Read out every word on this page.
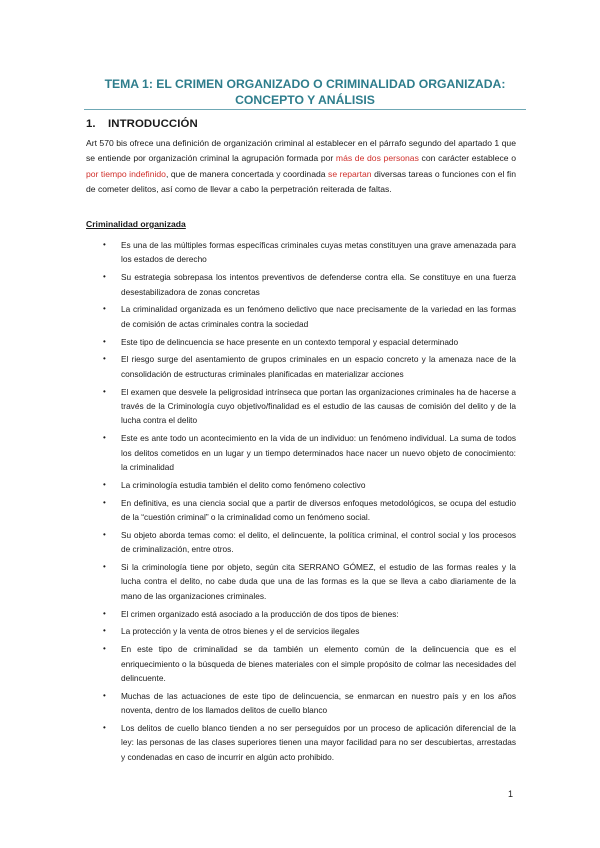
TEMA 1: EL CRIMEN ORGANIZADO O CRIMINALIDAD ORGANIZADA:
CONCEPTO Y ANÁLISIS
1. INTRODUCCIÓN
Art 570 bis ofrece una definición de organización criminal al establecer en el párrafo segundo del apartado 1 que se entiende por organización criminal la agrupación formada por más de dos personas con carácter establece o por tiempo indefinido, que de manera concertada y coordinada se repartan diversas tareas o funciones con el fin de cometer delitos, así como de llevar a cabo la perpetración reiterada de faltas.
Criminalidad organizada
• Es una de las múltiples formas específicas criminales cuyas metas constituyen una grave amenazada para los estados de derecho
• Su estrategia sobrepasa los intentos preventivos de defenderse contra ella. Se constituye en una fuerza desestabilizadora de zonas concretas
• La criminalidad organizada es un fenómeno delictivo que nace precisamente de la variedad en las formas de comisión de actas criminales contra la sociedad
• Este tipo de delincuencia se hace presente en un contexto temporal y espacial determinado
• El riesgo surge del asentamiento de grupos criminales en un espacio concreto y la amenaza nace de la consolidación de estructuras criminales planificadas en materializar acciones
• El examen que desvele la peligrosidad intrínseca que portan las organizaciones criminales ha de hacerse a través de la Criminología cuyo objetivo/finalidad es el estudio de las causas de comisión del delito y de la lucha contra el delito
• Este es ante todo un acontecimiento en la vida de un individuo: un fenómeno individual. La suma de todos los delitos cometidos en un lugar y un tiempo determinados hace nacer un nuevo objeto de conocimiento: la criminalidad
• La criminología estudia también el delito como fenómeno colectivo
• En definitiva, es una ciencia social que a partir de diversos enfoques metodológicos, se ocupa del estudio de la “cuestión criminal” o la criminalidad como un fenómeno social.
• Su objeto aborda temas como: el delito, el delincuente, la política criminal, el control social y los procesos de criminalización, entre otros.
• Si la criminología tiene por objeto, según cita SERRANO GÓMEZ, el estudio de las formas reales y la lucha contra el delito, no cabe duda que una de las formas es la que se lleva a cabo diariamente de la mano de las organizaciones criminales.
• El crimen organizado está asociado a la producción de dos tipos de bienes:
• La protección y la venta de otros bienes y el de servicios ilegales
• En este tipo de criminalidad se da también un elemento común de la delincuencia que es el enriquecimiento o la búsqueda de bienes materiales con el simple propósito de colmar las necesidades del delincuente.
• Muchas de las actuaciones de este tipo de delincuencia, se enmarcan en nuestro país y en los años noventa, dentro de los llamados delitos de cuello blanco
• Los delitos de cuello blanco tienden a no ser perseguidos por un proceso de aplicación diferencial de la ley: las personas de las clases superiores tienen una mayor facilidad para no ser descubiertas, arrestadas y condenadas en caso de incurrir en algún acto prohibido.
1
